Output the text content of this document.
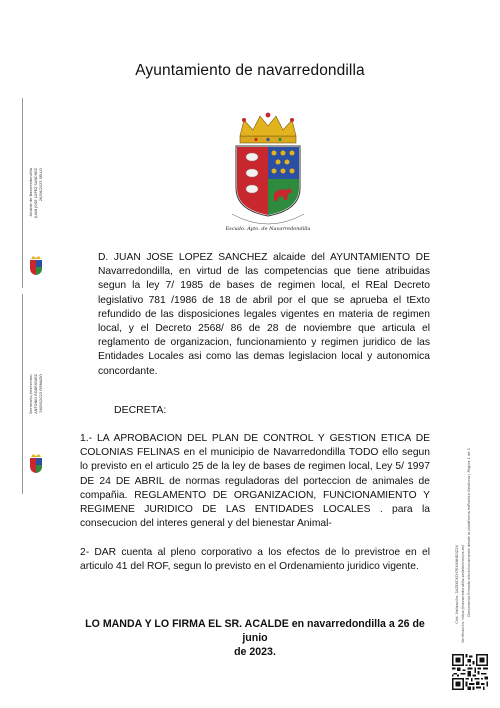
Ayuntamiento de navarredondilla
Escudo. Ayto. de Navarredondilla

D. JUAN JOSE LOPEZ SANCHEZ alcaide del AYUNTAMIENTO DE Navarredondilla, en virtud de las competencias que tiene atribuidas segun la ley 7/ 1985 de bases de regimen local, el REal Decreto legislativo 781 /1986 de 18 de abril por el que se aprueba el tExto refundido de las disposiciones legales vigentes en materia de regimen local, y el Decreto 2568/ 86 de 28 de noviembre que articula el reglamento de organizacion, funcionamiento y regimen juridico de las Entidades Locales asi como las demas legislacion local y autonomica concordante.

DECRETA:

1.- LA APROBACION DEL PLAN DE CONTROL Y GESTION ETICA DE COLONIAS FELINAS en el municipio de Navarredondilla TODO ello segun lo previsto en el articulo 25 de la ley de bases de regimen local, Ley 5/ 1997 DE 24 DE ABRIL de normas reguladoras del porteccion de animales de compañia. REGLAMENTO DE ORGANIZACION, FUNCIONAMIENTO Y REGIMENE JURIDICO DE LAS ENTIDADES LOCALES . para la consecucion del interes general y del bienestar Animal-

2- DAR cuenta al pleno corporativo a los efectos de lo previstroe en el articulo 41 del ROF, segun lo previsto en el Ordenamiento juridico vigente.

LO MANDA Y LO FIRMA EL SR. ACALDE en navarredondilla a 26 de junio
de 2023.

Alcalde de Navarredondilla JUAN JOSE LOPEZ SANCHEZ 26/06/2023 SELLO
Secretario-Interventor ANTONIO RODRIGUEZ 26/06/2023 FIRMADO
Cód. Validación: 3AZEKCKCH7EXXNHD3Z2X Verificación: https://navarredondilla.sedelectronica.es/ Documento firmado electrónicamente desde la plataforma esPublico Gestiona | Página 1 de 1
